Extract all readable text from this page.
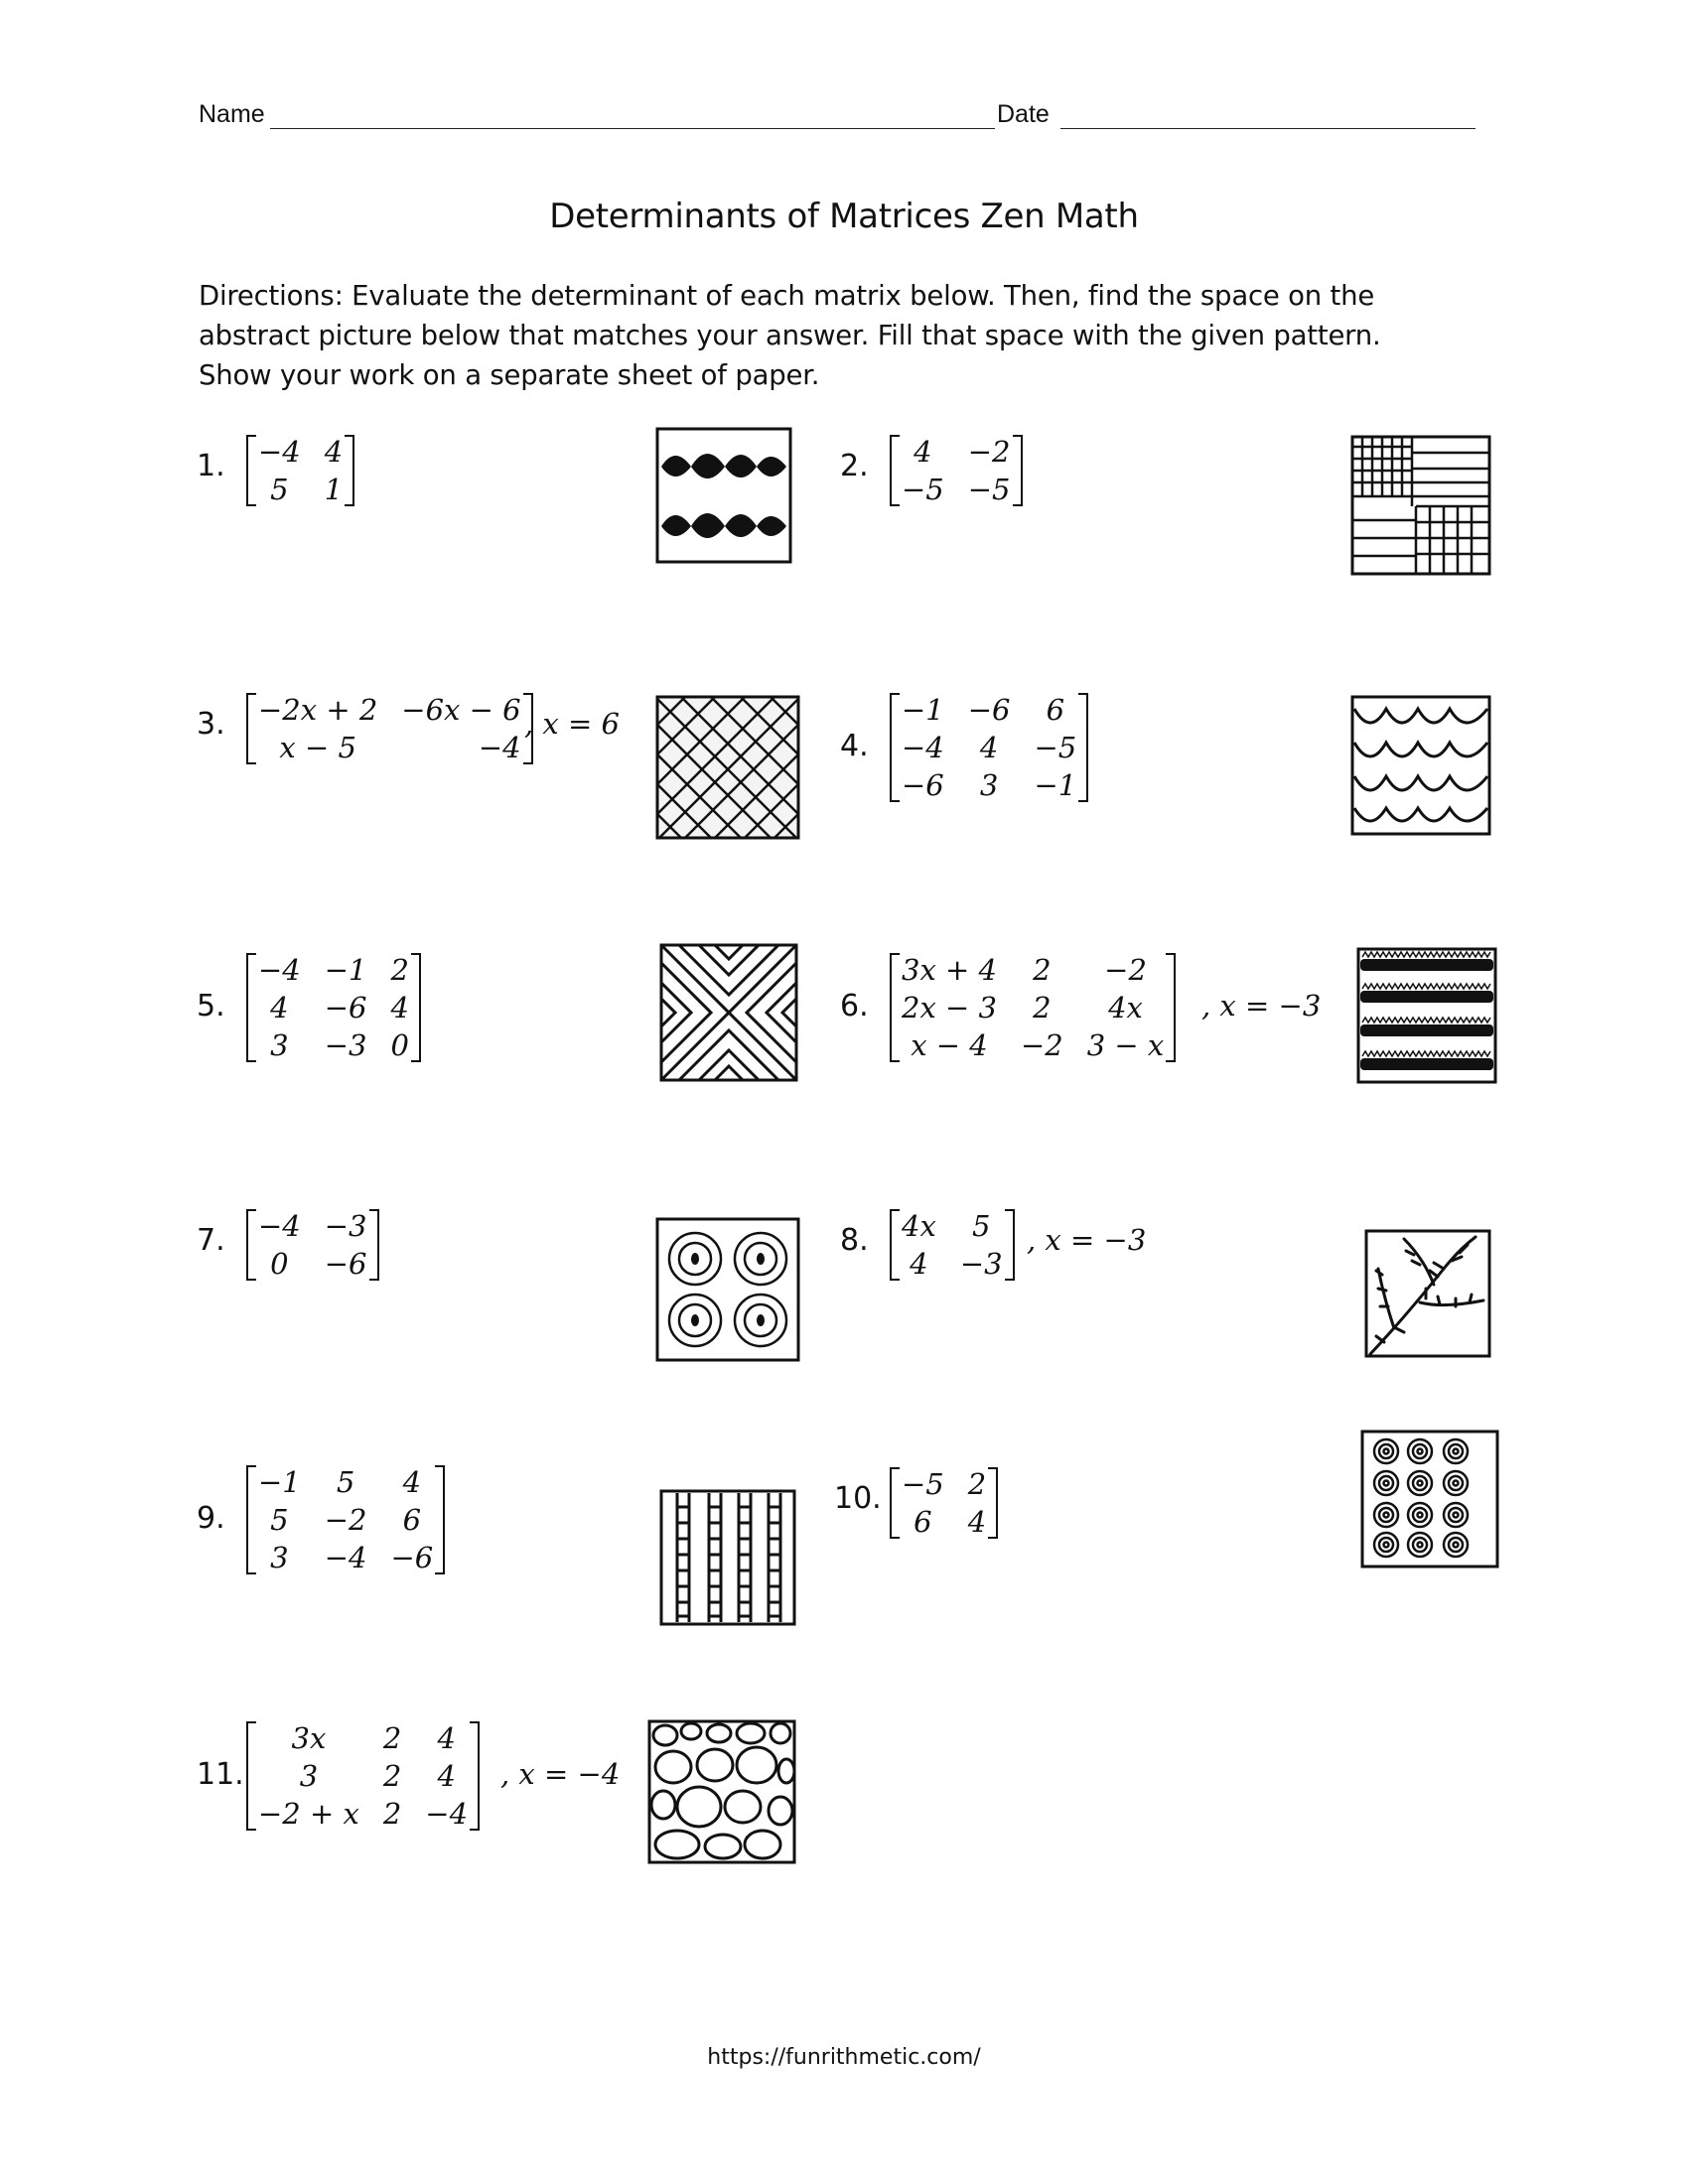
Name	Date
Determinants of Matrices Zen Math
Directions: Evaluate the determinant of each matrix below. Then, find the space on the
abstract picture below that matches your answer. Fill that space with the given pattern.
Show your work on a separate sheet of paper.
1. −4	4
5	1
2. 4	−2
−5	−5
3. −2x + 2	−6x − 6
x − 5	−4
, x = 6
4.
−1	−6	6
−4	4	−5
−6	3	−1
5.
−4	−1	2
4	−6	4
3	−3	0
6.
3x + 4	2	−2
2x − 3	2	4x
x − 4	−2	3 − x
, x = −3
7. −4	−3
0	−6
8. 4x	5
4	−3
, x = −3
9.
−1	5	4
5	−2	6
3	−4	−6
10. −5	2
6	4
11.
3x	2	4
3	2	4
−2 + x	2	−4
, x = −4
https://funrithmetic.com/
